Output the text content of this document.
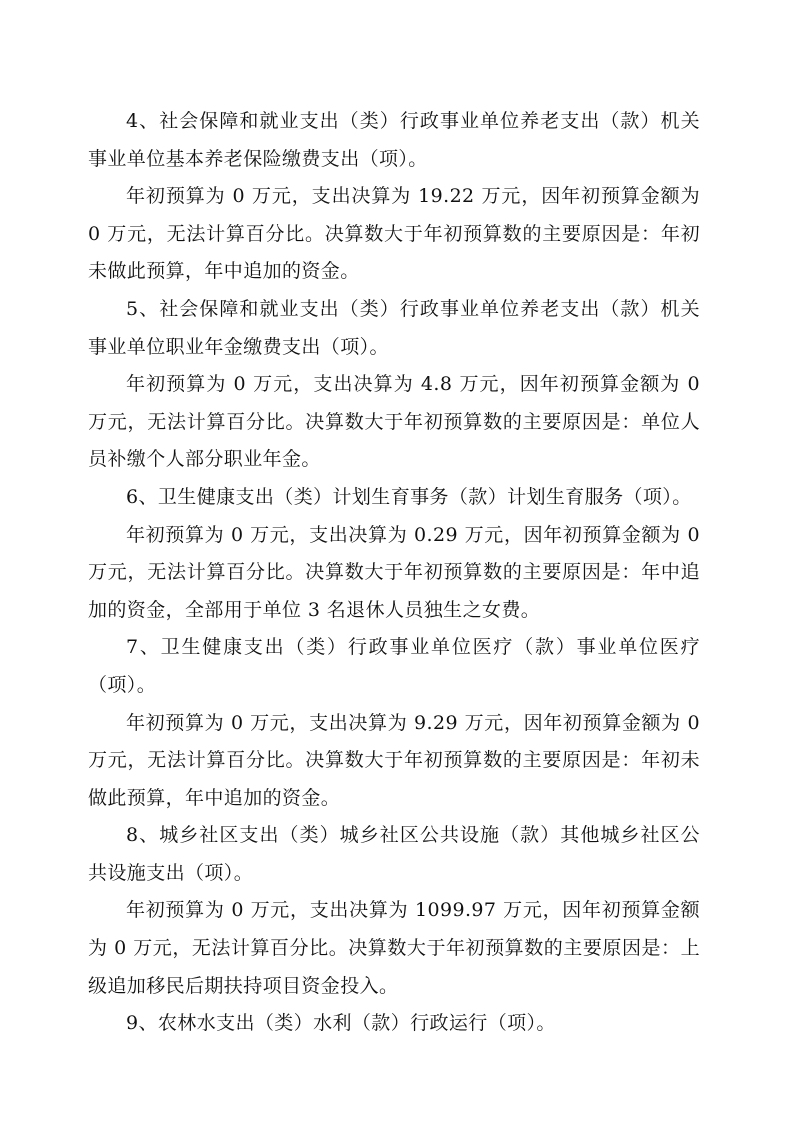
4、社会保障和就业支出（类）行政事业单位养老支出（款）机关事业单位基本养老保险缴费支出（项）。

年初预算为 0 万元，支出决算为 19.22 万元，因年初预算金额为 0 万元，无法计算百分比。决算数大于年初预算数的主要原因是：年初未做此预算，年中追加的资金。

5、社会保障和就业支出（类）行政事业单位养老支出（款）机关事业单位职业年金缴费支出（项）。

年初预算为 0 万元，支出决算为 4.8 万元，因年初预算金额为 0 万元，无法计算百分比。决算数大于年初预算数的主要原因是：单位人员补缴个人部分职业年金。

6、卫生健康支出（类）计划生育事务（款）计划生育服务（项）。

年初预算为 0 万元，支出决算为 0.29 万元，因年初预算金额为 0 万元，无法计算百分比。决算数大于年初预算数的主要原因是：年中追加的资金，全部用于单位 3 名退休人员独生之女费。

7、卫生健康支出（类）行政事业单位医疗（款）事业单位医疗（项）。

年初预算为 0 万元，支出决算为 9.29 万元，因年初预算金额为 0 万元，无法计算百分比。决算数大于年初预算数的主要原因是：年初未做此预算，年中追加的资金。

8、城乡社区支出（类）城乡社区公共设施（款）其他城乡社区公共设施支出（项）。

年初预算为 0 万元，支出决算为 1099.97 万元，因年初预算金额为 0 万元，无法计算百分比。决算数大于年初预算数的主要原因是：上级追加移民后期扶持项目资金投入。

9、农林水支出（类）水利（款）行政运行（项）。
